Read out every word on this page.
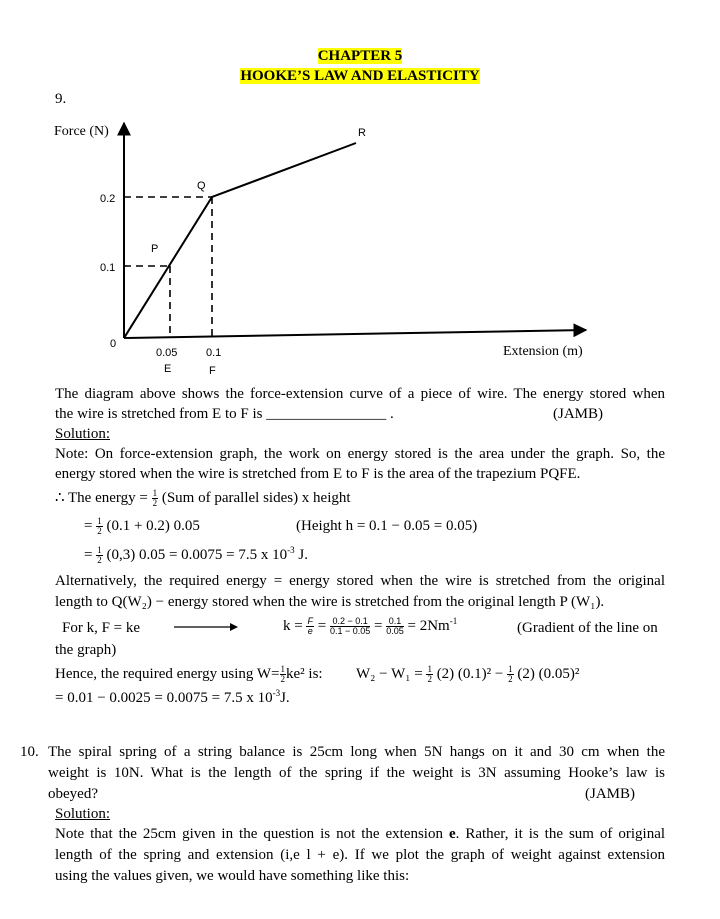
CHAPTER 5
HOOKE’S LAW AND ELASTICITY
9.
Force (N)
Extension (m)
0.2
0.1
0
0.05	0.1
E	F
P
Q
R
The diagram above shows the force-extension curve of a piece of wire. The energy stored when
the wire is stretched from E to F is ________________ .	(JAMB)
Solution:
Note: On force-extension graph, the work on energy stored is the area under the graph. So, the
energy stored when the wire is stretched from E to F is the area of the trapezium PQFE.
∴ The energy = $\frac{1}{2} (Sum$ of parallel sides) x height
= $\frac{1}{2} (0.1 + 0.2)$ 0.05	(Height h = 0.1 − 0.05 = 0.05)
= $\frac{1}{2} (0,3) 0.05 = 0.0075 = 7.5$ x $10^{-3}$ J.
Alternatively, the required energy = energy stored when the wire is stretched from the original
length to Q(W₂) − energy stored when the wire is stretched from the original length P (W₁).
For k, F = ke	$k = \frac{F}{e} = \frac{0.2 - 0.1}{0.1 - 0.05} = \frac{0.1}{0.05} = 2Nm^{-1}$	(Gradient of the line on
the graph)
Hence, the required energy using $W= \frac{1}{2} ke^2$ is: $W_2 - W_1 = \frac{1}{2} (2) (0.1)^2 - \frac{1}{2} (2)$ (0.05)²
= 0.01 − 0.0025 = 0.0075 = 7.5 x $10^{-3}J$.
10. The spiral spring of a string balance is 25cm long when 5N hangs on it and 30 cm when the
weight is 10N. What is the length of the spring if the weight is 3N assuming Hooke’s law is
obeyed?	(JAMB)
Solution:
Note that the 25cm given in the question is not the extension e. Rather, it is the sum of original
length of the spring and extension (i,e l + e). If we plot the graph of weight against extension
using the values given, we would have something like this:
